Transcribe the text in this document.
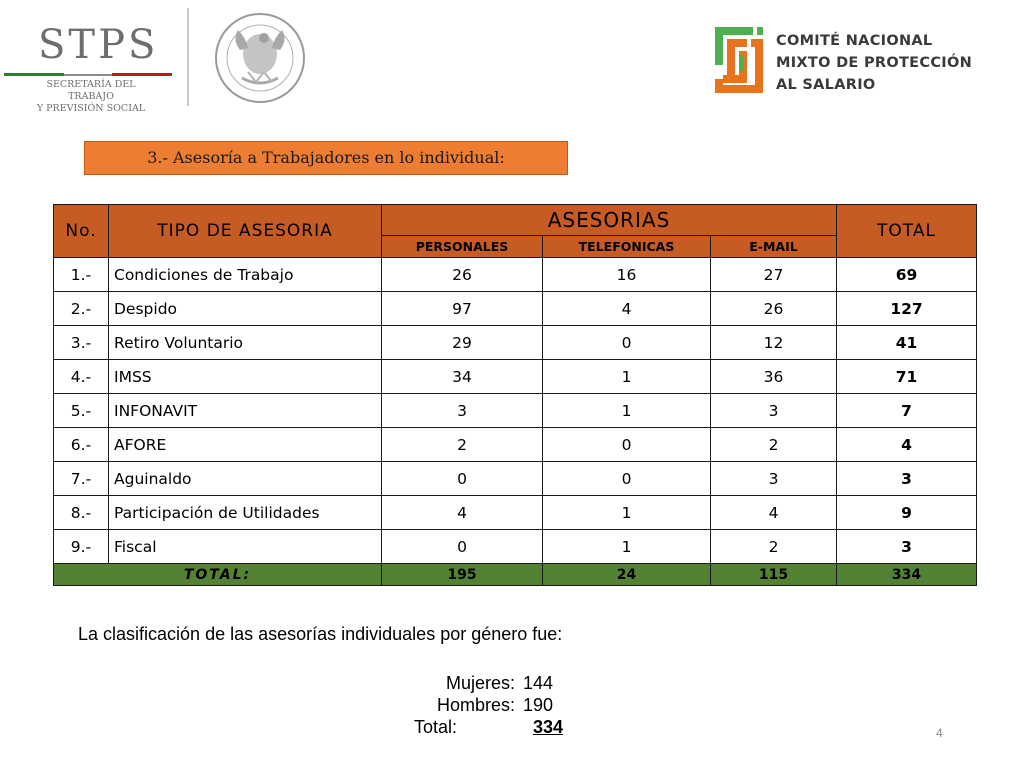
STPS
SECRETARÍA DEL TRABAJO
Y PREVISIÓN SOCIAL
COMITÉ NACIONAL
MIXTO DE PROTECCIÓN
AL SALARIO
3.- Asesoría a Trabajadores en lo individual:
No.	TIPO DE ASESORIA	ASESORIAS			TOTAL
		PERSONALES	TELEFONICAS	E-MAIL	
1.-	Condiciones de Trabajo	26	16	27	69
2.-	Despido	97	4	26	127
3.-	Retiro Voluntario	29	0	12	41
4.-	IMSS	34	1	36	71
5.-	INFONAVIT	3	1	3	7
6.-	AFORE	2	0	2	4
7.-	Aguinaldo	0	0	3	3
8.-	Participación de Utilidades	4	1	4	9
9.-	Fiscal	0	1	2	3
TOTAL:		195	24	115	334
La clasificación de las asesorías individuales por género fue:
Mujeres: 144
Hombres: 190
Total:	334	4
